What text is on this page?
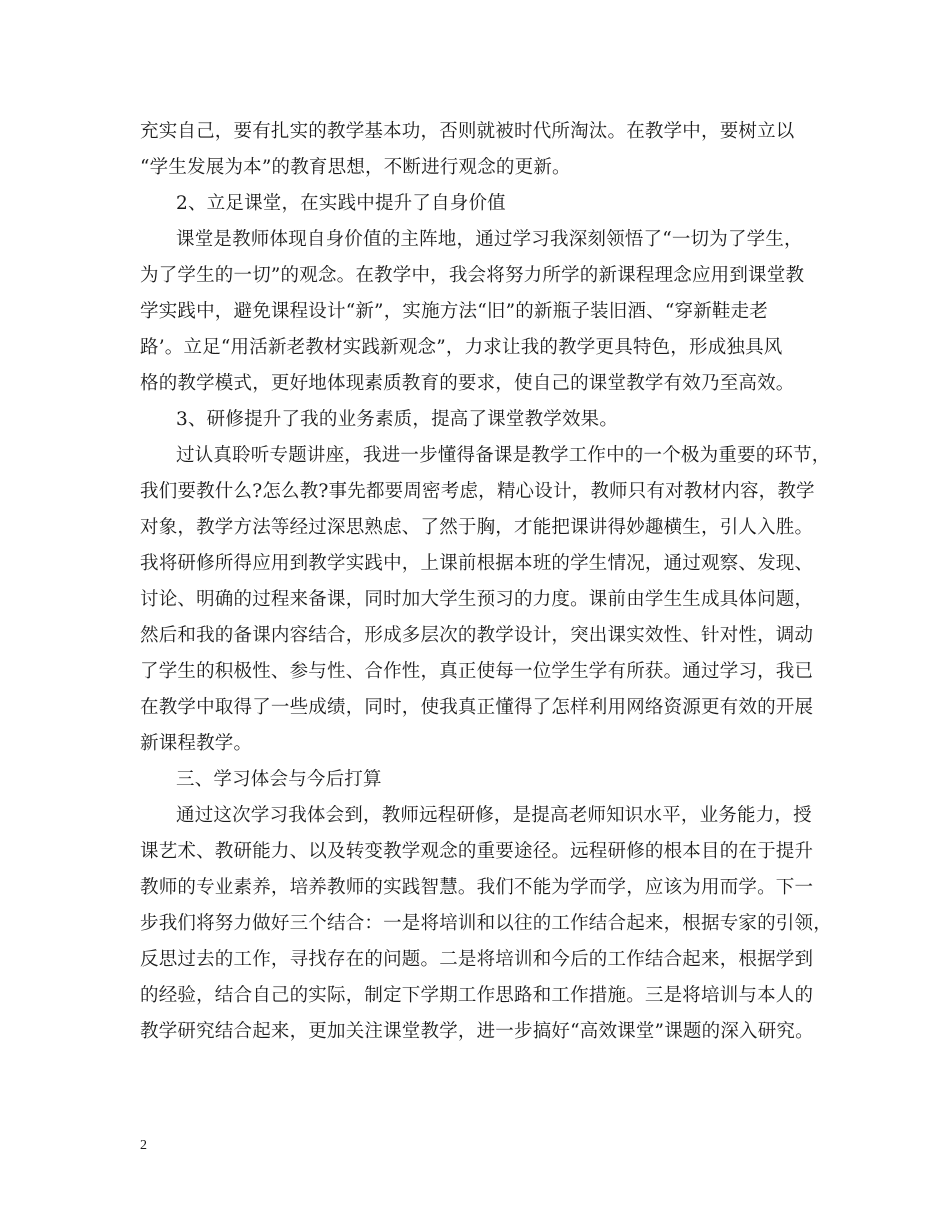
充实自己，要有扎实的教学基本功，否则就被时代所淘汰。在教学中，要树立以
“学生发展为本”的教育思想，不断进行观念的更新。
2、立足课堂，在实践中提升了自身价值
课堂是教师体现自身价值的主阵地，通过学习我深刻领悟了“一切为了学生，
为了学生的一切”的观念。在教学中，我会将努力所学的新课程理念应用到课堂教
学实践中，避免课程设计“新”，实施方法“旧”的新瓶子装旧酒、“穿新鞋走老
路’。立足“用活新老教材实践新观念”，力求让我的教学更具特色，形成独具风
格的教学模式，更好地体现素质教育的要求，使自己的课堂教学有效乃至高效。
3、研修提升了我的业务素质，提高了课堂教学效果。
过认真聆听专题讲座，我进一步懂得备课是教学工作中的一个极为重要的环节，
我们要教什么?怎么教?事先都要周密考虑，精心设计，教师只有对教材内容，教学
对象，教学方法等经过深思熟虑、了然于胸，才能把课讲得妙趣横生，引人入胜。
我将研修所得应用到教学实践中，上课前根据本班的学生情况，通过观察、发现、
讨论、明确的过程来备课，同时加大学生预习的力度。课前由学生生成具体问题，
然后和我的备课内容结合，形成多层次的教学设计，突出课实效性、针对性，调动
了学生的积极性、参与性、合作性，真正使每一位学生学有所获。通过学习，我已
在教学中取得了一些成绩，同时，使我真正懂得了怎样利用网络资源更有效的开展
新课程教学。
三、学习体会与今后打算
通过这次学习我体会到，教师远程研修，是提高老师知识水平，业务能力，授
课艺术、教研能力、以及转变教学观念的重要途径。远程研修的根本目的在于提升
教师的专业素养，培养教师的实践智慧。我们不能为学而学，应该为用而学。下一
步我们将努力做好三个结合：一是将培训和以往的工作结合起来，根据专家的引领，
反思过去的工作，寻找存在的问题。二是将培训和今后的工作结合起来，根据学到
的经验，结合自己的实际，制定下学期工作思路和工作措施。三是将培训与本人的
教学研究结合起来，更加关注课堂教学，进一步搞好“高效课堂”课题的深入研究。
2
